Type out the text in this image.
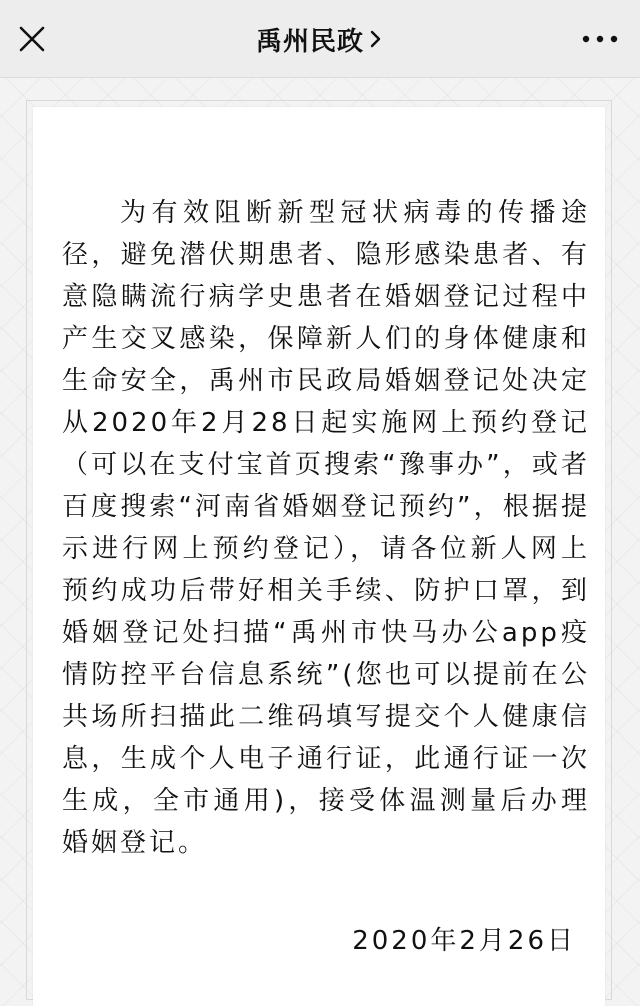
禹州民政

为有效阻断新型冠状病毒的传播途径，避免潜伏期患者、隐形感染患者、有意隐瞒流行病学史患者在婚姻登记过程中产生交叉感染，保障新人们的身体健康和生命安全，禹州市民政局婚姻登记处决定从2020年2月28日起实施网上预约登记（可以在支付宝首页搜索“豫事办”，或者百度搜索“河南省婚姻登记预约”，根据提示进行网上预约登记），请各位新人网上预约成功后带好相关手续、防护口罩，到婚姻登记处扫描“禹州市快马办公app疫情防控平台信息系统”(您也可以提前在公共场所扫描此二维码填写提交个人健康信息，生成个人电子通行证，此通行证一次生成，全市通用)，接受体温测量后办理婚姻登记。

2020年2月26日
